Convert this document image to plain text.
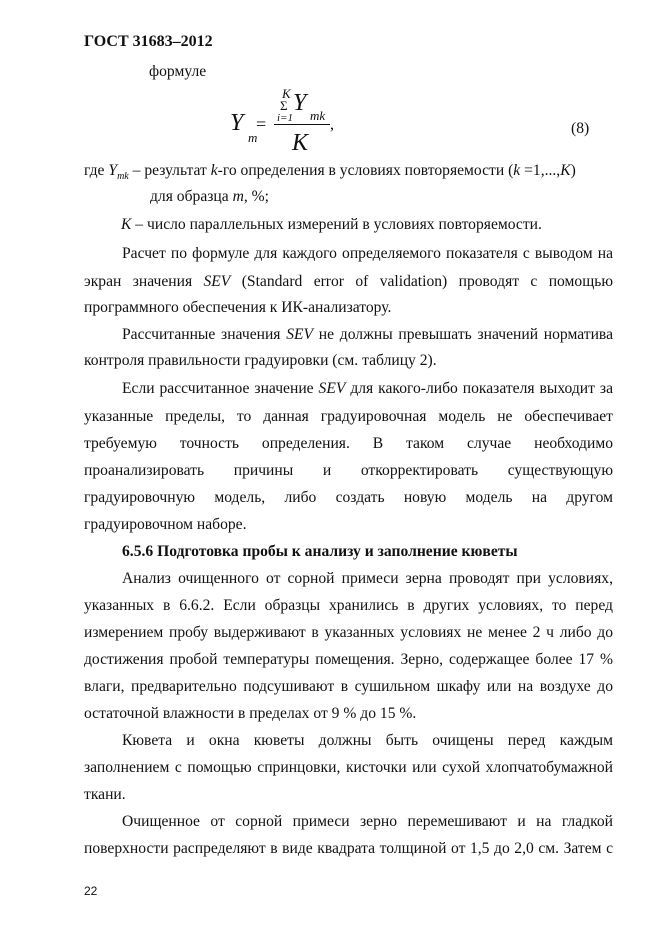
ГОСТ 31683–2012
формуле
K
Σ
i=1
Y mk
Y
m
=
K
,	(8)
где $Y_{mk}$ – результат k-го определения в условиях повторяемости (k =1,...,K)
для образца m, %;
K – число параллельных измерений в условиях повторяемости.
Расчет по формуле для каждого определяемого показателя с выводом на
экран значения SEV (Standard error of validation) проводят с помощью
программного обеспечения к ИК-анализатору.
Рассчитанные значения SEV не должны превышать значений норматива
контроля правильности градуировки (см. таблицу 2).
Если рассчитанное значение SEV для какого-либо показателя выходит за
указанные пределы, то данная градуировочная модель не обеспечивает
требуемую точность определения. В таком случае необходимо
проанализировать причины и откорректировать существующую
градуировочную модель, либо создать новую модель на другом
градуировочном наборе.
6.5.6 Подготовка пробы к анализу и заполнение кюветы
Анализ очищенного от сорной примеси зерна проводят при условиях,
указанных в 6.6.2. Если образцы хранились в других условиях, то перед
измерением пробу выдерживают в указанных условиях не менее 2 ч либо до
достижения пробой температуры помещения. Зерно, содержащее более 17 %
влаги, предварительно подсушивают в сушильном шкафу или на воздухе до
остаточной влажности в пределах от 9 % до 15 %.
Кювета и окна кюветы должны быть очищены перед каждым
заполнением с помощью спринцовки, кисточки или сухой хлопчатобумажной
ткани.
Очищенное от сорной примеси зерно перемешивают и на гладкой
поверхности распределяют в виде квадрата толщиной от 1,5 до 2,0 см. Затем с
22
